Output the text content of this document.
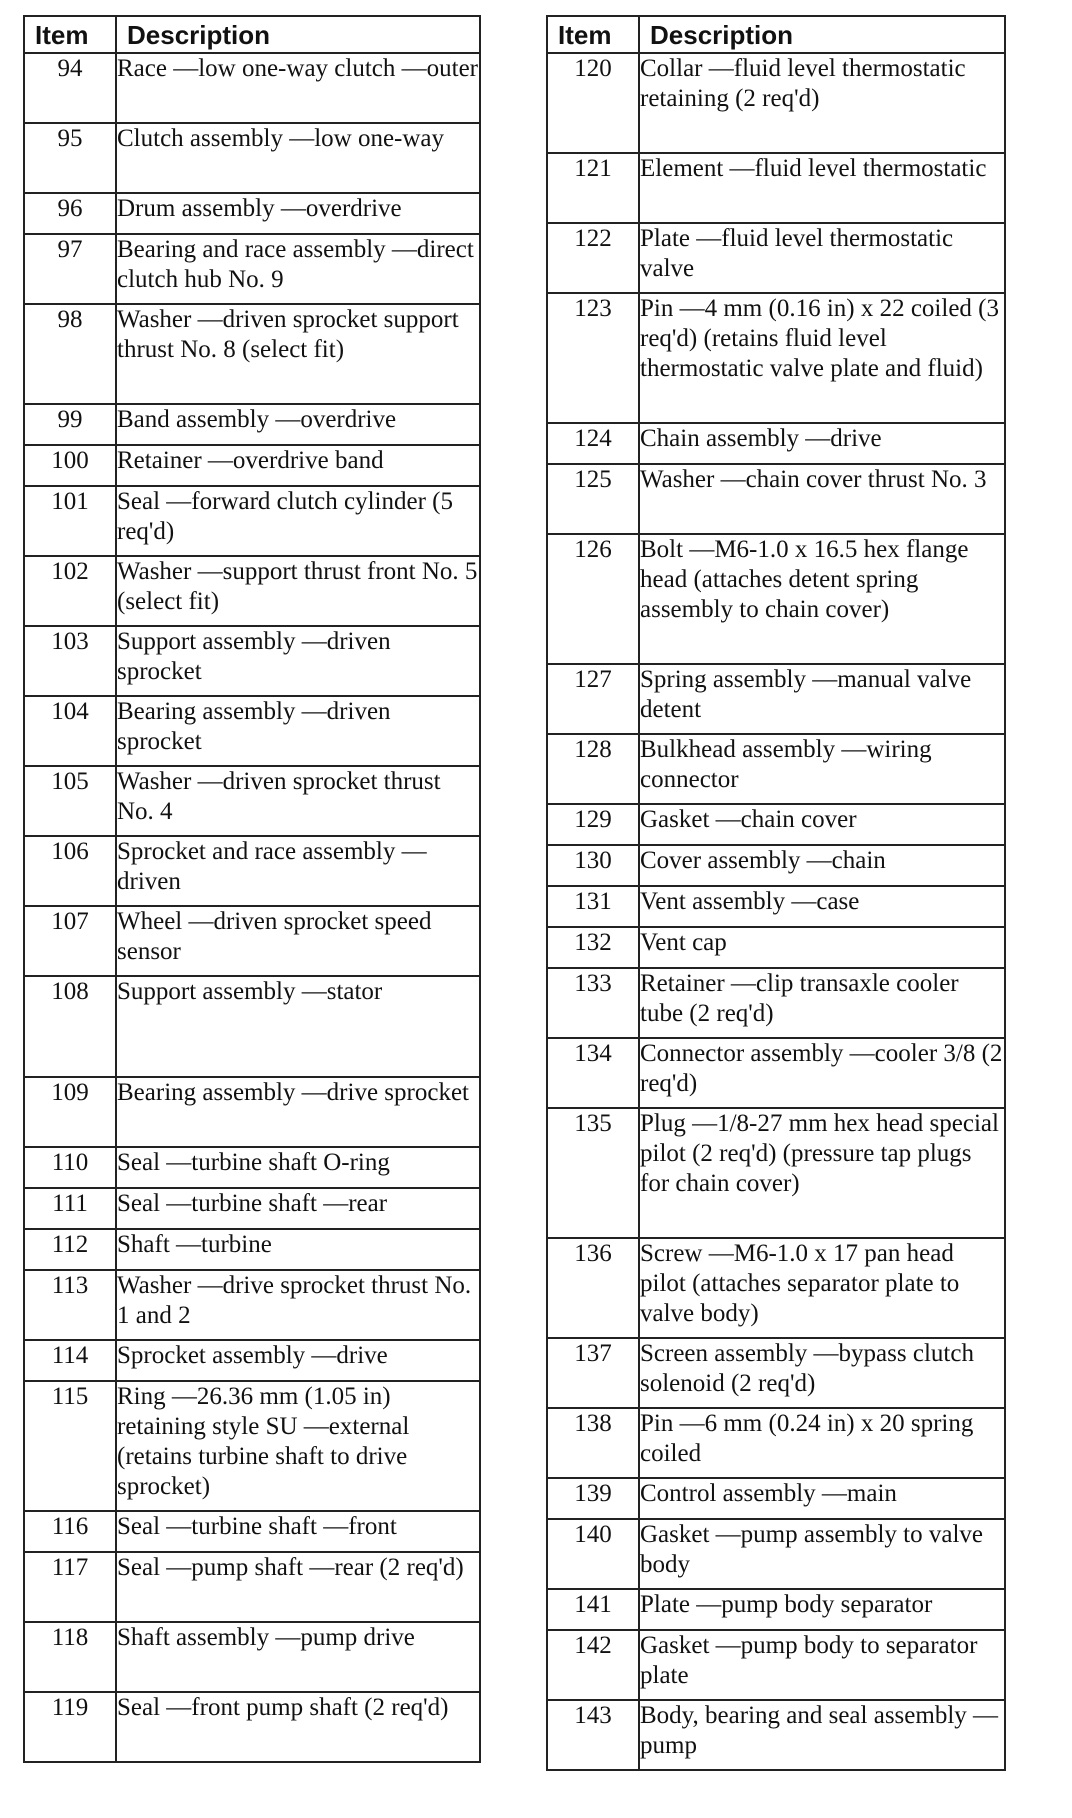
Item	Description
94	Race —low one-way clutch —outer
95	Clutch assembly —low one-way
96	Drum assembly —overdrive
97	Bearing and race assembly —direct clutch hub No. 9
98	Washer —driven sprocket support thrust No. 8 (select fit)
99	Band assembly —overdrive
100	Retainer —overdrive band
101	Seal —forward clutch cylinder (5 req'd)
102	Washer —support thrust front No. 5 (select fit)
103	Support assembly —driven sprocket
104	Bearing assembly —driven sprocket
105	Washer —driven sprocket thrust No. 4
106	Sprocket and race assembly —driven
107	Wheel —driven sprocket speed sensor
108	Support assembly —stator
109	Bearing assembly —drive sprocket
110	Seal —turbine shaft O-ring
111	Seal —turbine shaft —rear
112	Shaft —turbine
113	Washer —drive sprocket thrust No. 1 and 2
114	Sprocket assembly —drive
115	Ring —26.36 mm (1.05 in) retaining style SU —external (retains turbine shaft to drive sprocket)
116	Seal —turbine shaft —front
117	Seal —pump shaft —rear (2 req'd)
118	Shaft assembly —pump drive
119	Seal —front pump shaft (2 req'd)
Item	Description
120	Collar —fluid level thermostatic retaining (2 req'd)
121	Element —fluid level thermostatic
122	Plate —fluid level thermostatic valve
123	Pin —4 mm (0.16 in) x 22 coiled (3 req'd) (retains fluid level thermostatic valve plate and fluid)
124	Chain assembly —drive
125	Washer —chain cover thrust No. 3
126	Bolt —M6-1.0 x 16.5 hex flange head (attaches detent spring assembly to chain cover)
127	Spring assembly —manual valve detent
128	Bulkhead assembly —wiring connector
129	Gasket —chain cover
130	Cover assembly —chain
131	Vent assembly —case
132	Vent cap
133	Retainer —clip transaxle cooler tube (2 req'd)
134	Connector assembly —cooler 3/8 (2 req'd)
135	Plug —1/8-27 mm hex head special pilot (2 req'd) (pressure tap plugs for chain cover)
136	Screw —M6-1.0 x 17 pan head pilot (attaches separator plate to valve body)
137	Screen assembly —bypass clutch solenoid (2 req'd)
138	Pin —6 mm (0.24 in) x 20 spring coiled
139	Control assembly —main
140	Gasket —pump assembly to valve body
141	Plate —pump body separator
142	Gasket —pump body to separator plate
143	Body, bearing and seal assembly —pump
